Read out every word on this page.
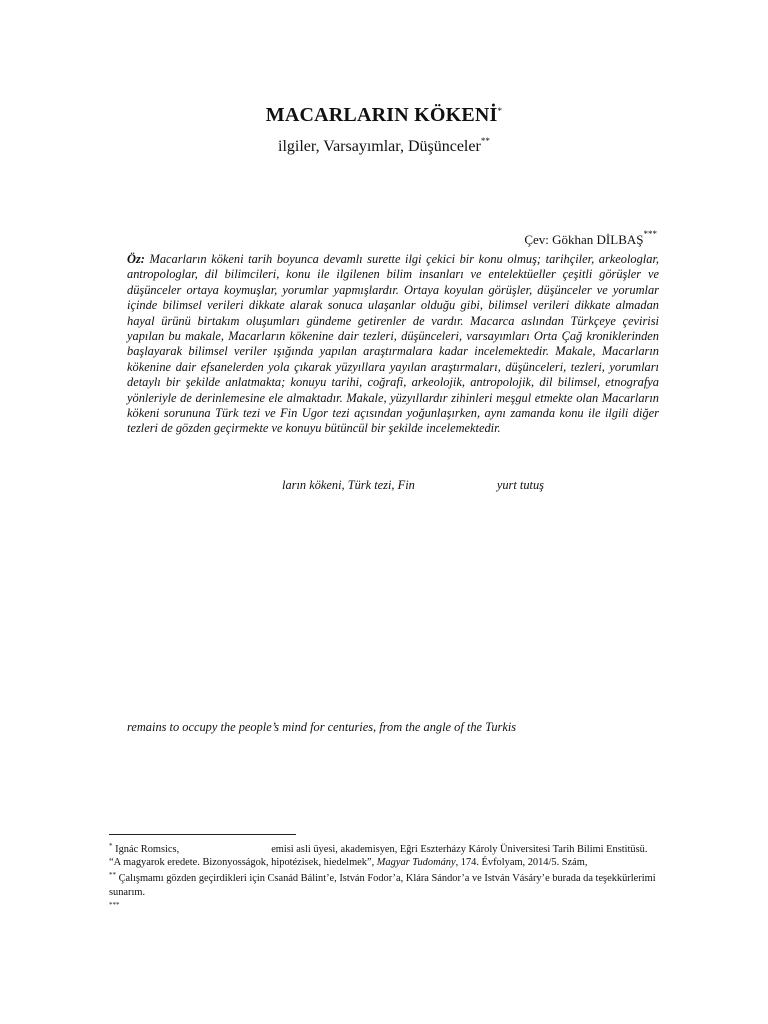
MACARLARIN KÖKENİ*
ilgiler, Varsayımlar, Düşünceler**
Çev: Gökhan DİLBAŞ***
Öz: Macarların kökeni tarih boyunca devamlı surette ilgi çekici bir konu olmuş; tarihçiler, arkeologlar, antropologlar, dil bilimcileri, konu ile ilgilenen bilim insanları ve entelektüeller çeşitli görüşler ve düşünceler ortaya koymuşlar, yorumlar yapmışlardır. Ortaya koyulan görüşler, düşünceler ve yorumlar içinde bilimsel verileri dikkate alarak sonuca ulaşanlar olduğu gibi, bilimsel verileri dikkate almadan hayal ürünü birtakım oluşumları gündeme getirenler de vardır. Macarca aslından Türkçeye çevirisi yapılan bu makale, Macarların kökenine dair tezleri, düşünceleri, varsayımları Orta Çağ kroniklerinden başlayarak bilimsel veriler ışığında yapılan araştırmalara kadar incelemektedir. Makale, Macarların kökenine dair efsanelerden yola çıkarak yüzyıllara yayılan araştırmaları, düşünceleri, tezleri, yorumları detaylı bir şekilde anlatmakta; konuyu tarihi, coğrafi, arkeolojik, antropolojik, dil bilimsel, etnografya yönleriyle de derinlemesine ele almaktadır. Makale, yüzyıllardır zihinleri meşgul etmekte olan Macarların kökeni sorununa Türk tezi ve Fin Ugor tezi açısından yoğunlaşırken, aynı zamanda konu ile ilgili diğer tezleri de gözden geçirmekte ve konuyu bütüncül bir şekilde incelemektedir.
ların kökeni, Türk tezi, Fin	yurt tutuş
remains to occupy the people’s mind for centuries, from the angle of the Turkis

* Ignác Romsics,	emisi asli üyesi, akademisyen, Eğri Eszterházy Károly Üniversitesi Tarih Bilimi Enstitüsü. “A magyarok eredete. Bizonyosságok, hipotézisek, hiedelmek”, Magyar Tudomány, 174. Évfolyam, 2014/5. Szám,

** Çalışmamı gözden geçirdikleri için Csanád Bálint’e, István Fodor’a, Klára Sándor’a ve István Vásáry’e burada da teşekkürlerimi sunarım.

***
